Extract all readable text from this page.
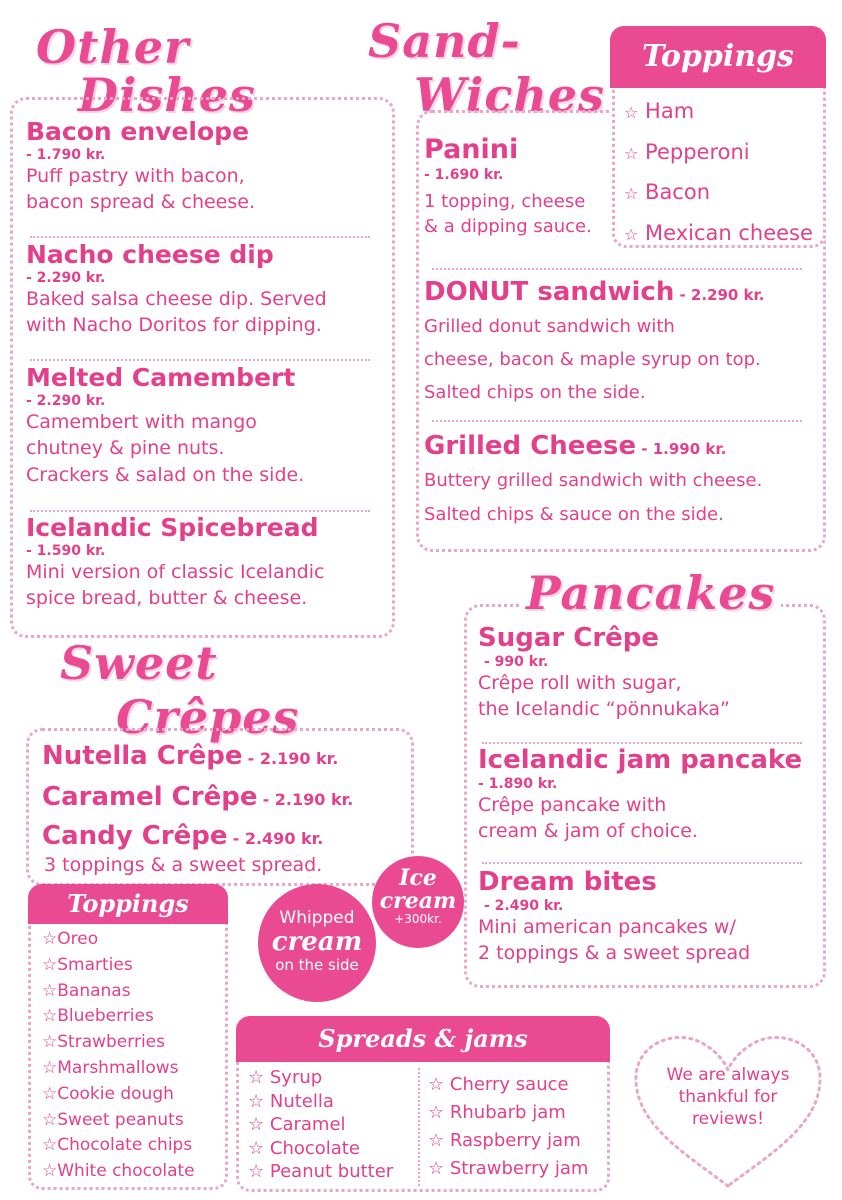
Other
Dishes
Bacon envelope
- 1.790 kr.
Puff pastry with bacon,
bacon spread & cheese.
Nacho cheese dip
- 2.290 kr.
Baked salsa cheese dip. Served
with Nacho Doritos for dipping.
Melted Camembert
- 2.290 kr.
Camembert with mango
chutney & pine nuts.
Crackers & salad on the side.
Icelandic Spicebread
- 1.590 kr.
Mini version of classic Icelandic
spice bread, butter & cheese.
Sand-
Wiches
Panini
- 1.690 kr.
1 topping, cheese
& a dipping sauce.
Toppings
☆ Ham
☆ Pepperoni
☆ Bacon
☆ Mexican cheese
DONUT sandwich - 2.290 kr.
Grilled donut sandwich with
cheese, bacon & maple syrup on top.
Salted chips on the side.
Grilled Cheese - 1.990 kr.
Buttery grilled sandwich with cheese.
Salted chips & sauce on the side.
Pancakes
Sugar Crêpe
- 990 kr.
Crêpe roll with sugar,
the Icelandic “pönnukaka”
Icelandic jam pancake
- 1.890 kr.
Crêpe pancake with
cream & jam of choice.
Dream bites
- 2.490 kr.
Mini american pancakes w/
2 toppings & a sweet spread
Sweet
Crêpes
Nutella Crêpe - 2.190 kr.
Caramel Crêpe - 2.190 kr.
Candy Crêpe - 2.490 kr.
3 toppings & a sweet spread.
Toppings
☆Oreo
☆Smarties
☆Bananas
☆Blueberries
☆Strawberries
☆Marshmallows
☆Cookie dough
☆Sweet peanuts
☆Chocolate chips
☆White chocolate
Whipped
cream
on the side
Ice
cream
+300kr.
Spreads & jams
☆ Syrup
☆ Nutella
☆ Caramel
☆ Chocolate
☆ Peanut butter
☆ Cherry sauce
☆ Rhubarb jam
☆ Raspberry jam
☆ Strawberry jam
We are always
thankful for
reviews!
